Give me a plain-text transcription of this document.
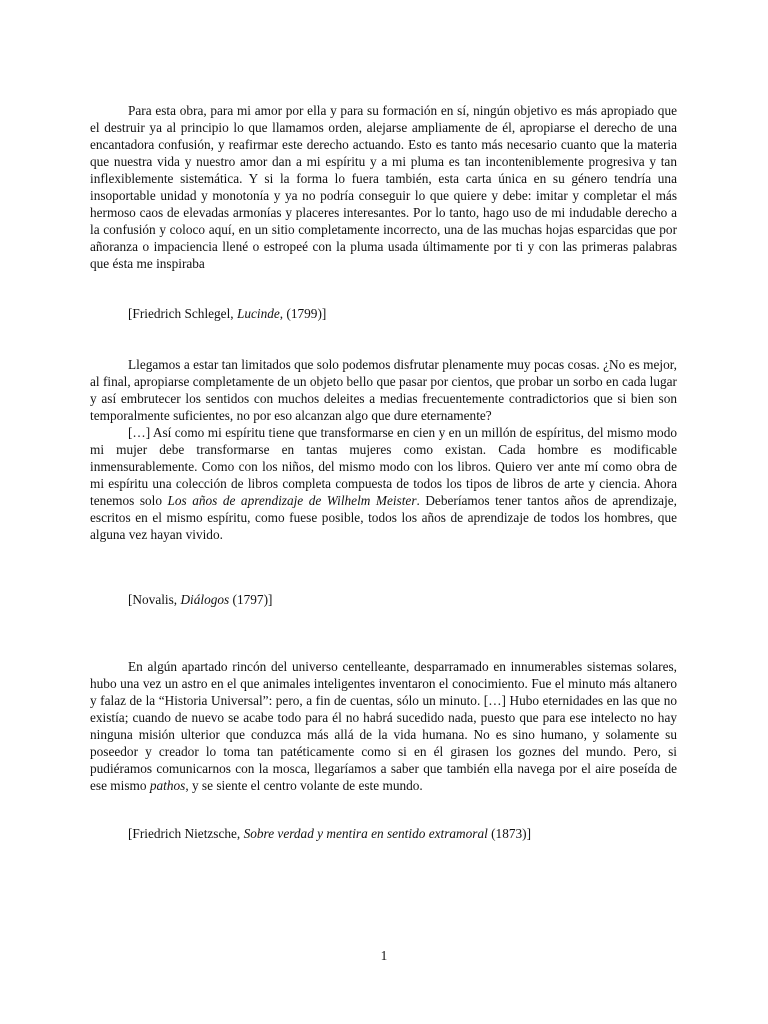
Para esta obra, para mi amor por ella y para su formación en sí, ningún objetivo es más apropiado que el destruir ya al principio lo que llamamos orden, alejarse ampliamente de él, apropiarse el derecho de una encantadora confusión, y reafirmar este derecho actuando. Esto es tanto más necesario cuanto que la materia que nuestra vida y nuestro amor dan a mi espíritu y a mi pluma es tan inconteniblemente progresiva y tan inflexiblemente sistemática. Y si la forma lo fuera también, esta carta única en su género tendría una insoportable unidad y monotonía y ya no podría conseguir lo que quiere y debe: imitar y completar el más hermoso caos de elevadas armonías y placeres interesantes. Por lo tanto, hago uso de mi indudable derecho a la confusión y coloco aquí, en un sitio completamente incorrecto, una de las muchas hojas esparcidas que por añoranza o impaciencia llené o estropeé con la pluma usada últimamente por ti y con las primeras palabras que ésta me inspiraba

[Friedrich Schlegel, Lucinde, (1799)]

Llegamos a estar tan limitados que solo podemos disfrutar plenamente muy pocas cosas. ¿No es mejor, al final, apropiarse completamente de un objeto bello que pasar por cientos, que probar un sorbo en cada lugar y así embrutecer los sentidos con muchos deleites a medias frecuentemente contradictorios que si bien son temporalmente suficientes, no por eso alcanzan algo que dure eternamente?

[…] Así como mi espíritu tiene que transformarse en cien y en un millón de espíritus, del mismo modo mi mujer debe transformarse en tantas mujeres como existan. Cada hombre es modificable inmensurablemente. Como con los niños, del mismo modo con los libros. Quiero ver ante mí como obra de mi espíritu una colección de libros completa compuesta de todos los tipos de libros de arte y ciencia. Ahora tenemos solo Los años de aprendizaje de Wilhelm Meister. Deberíamos tener tantos años de aprendizaje, escritos en el mismo espíritu, como fuese posible, todos los años de aprendizaje de todos los hombres, que alguna vez hayan vivido.

[Novalis, Diálogos (1797)]

En algún apartado rincón del universo centelleante, desparramado en innumerables sistemas solares, hubo una vez un astro en el que animales inteligentes inventaron el conocimiento. Fue el minuto más altanero y falaz de la “Historia Universal”: pero, a fin de cuentas, sólo un minuto. […] Hubo eternidades en las que no existía; cuando de nuevo se acabe todo para él no habrá sucedido nada, puesto que para ese intelecto no hay ninguna misión ulterior que conduzca más allá de la vida humana. No es sino humano, y solamente su poseedor y creador lo toma tan patéticamente como si en él girasen los goznes del mundo. Pero, si pudiéramos comunicarnos con la mosca, llegaríamos a saber que también ella navega por el aire poseída de ese mismo pathos, y se siente el centro volante de este mundo.

[Friedrich Nietzsche, Sobre verdad y mentira en sentido extramoral (1873)]
1
